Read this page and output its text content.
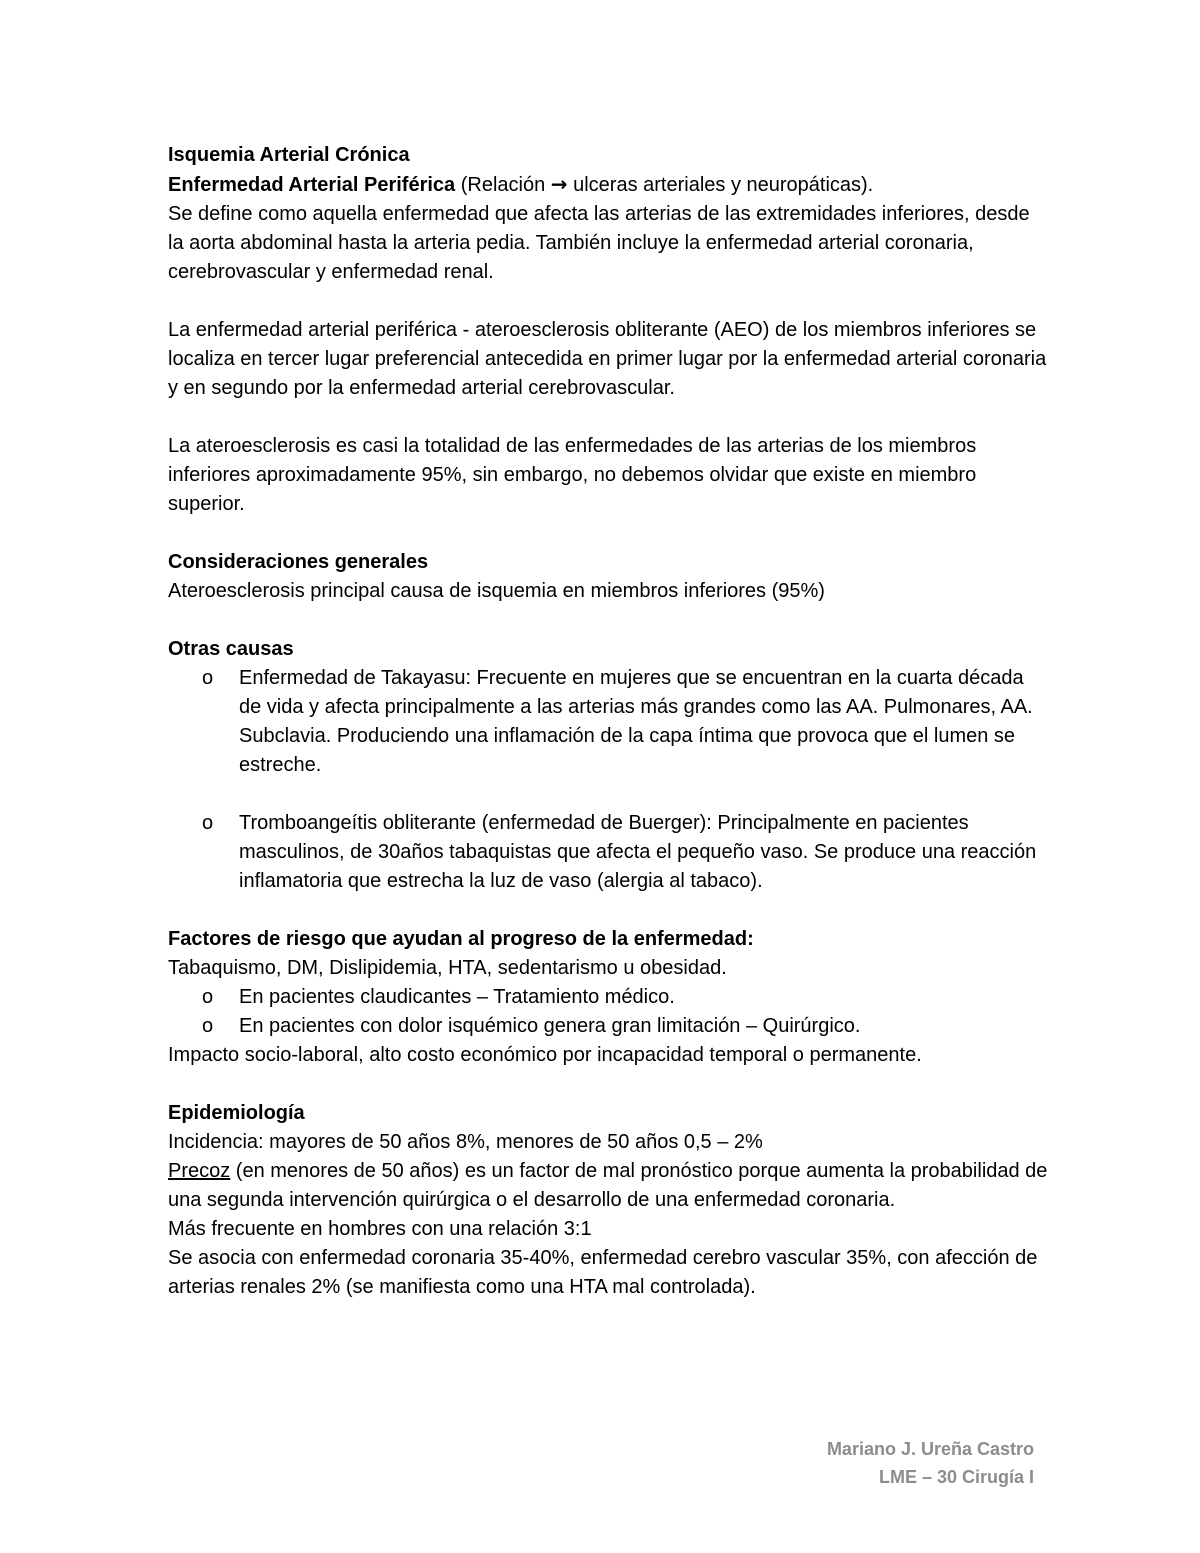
Isquemia Arterial Crónica

Enfermedad Arterial Periférica (Relación → ulceras arteriales y neuropáticas).

Se define como aquella enfermedad que afecta las arterias de las extremidades inferiores, desde la aorta abdominal hasta la arteria pedia. También incluye la enfermedad arterial coronaria, cerebrovascular y enfermedad renal.

La enfermedad arterial periférica - ateroesclerosis obliterante (AEO) de los miembros inferiores se localiza en tercer lugar preferencial antecedida en primer lugar por la enfermedad arterial coronaria y en segundo por la enfermedad arterial cerebrovascular.

La ateroesclerosis es casi la totalidad de las enfermedades de las arterias de los miembros inferiores aproximadamente 95%, sin embargo, no debemos olvidar que existe en miembro superior.

Consideraciones generales

Ateroesclerosis principal causa de isquemia en miembros inferiores (95%)

Otras causas

o Enfermedad de Takayasu: Frecuente en mujeres que se encuentran en la cuarta década de vida y afecta principalmente a las arterias más grandes como las AA. Pulmonares, AA. Subclavia. Produciendo una inflamación de la capa íntima que provoca que el lumen se estreche.
o Tromboangeítis obliterante (enfermedad de Buerger): Principalmente en pacientes masculinos, de 30años tabaquistas que afecta el pequeño vaso. Se produce una reacción inflamatoria que estrecha la luz de vaso (alergia al tabaco).

Factores de riesgo que ayudan al progreso de la enfermedad:

Tabaquismo, DM, Dislipidemia, HTA, sedentarismo u obesidad.

o En pacientes claudicantes – Tratamiento médico.
o En pacientes con dolor isquémico genera gran limitación – Quirúrgico.

Impacto socio-laboral, alto costo económico por incapacidad temporal o permanente.

Epidemiología

Incidencia: mayores de 50 años 8%, menores de 50 años 0,5 – 2%

Precoz (en menores de 50 años) es un factor de mal pronóstico porque aumenta la probabilidad de una segunda intervención quirúrgica o el desarrollo de una enfermedad coronaria.

Más frecuente en hombres con una relación 3:1

Se asocia con enfermedad coronaria 35-40%, enfermedad cerebro vascular 35%, con afección de arterias renales 2% (se manifiesta como una HTA mal controlada).

Mariano J. Ureña Castro
LME – 30 Cirugía I
